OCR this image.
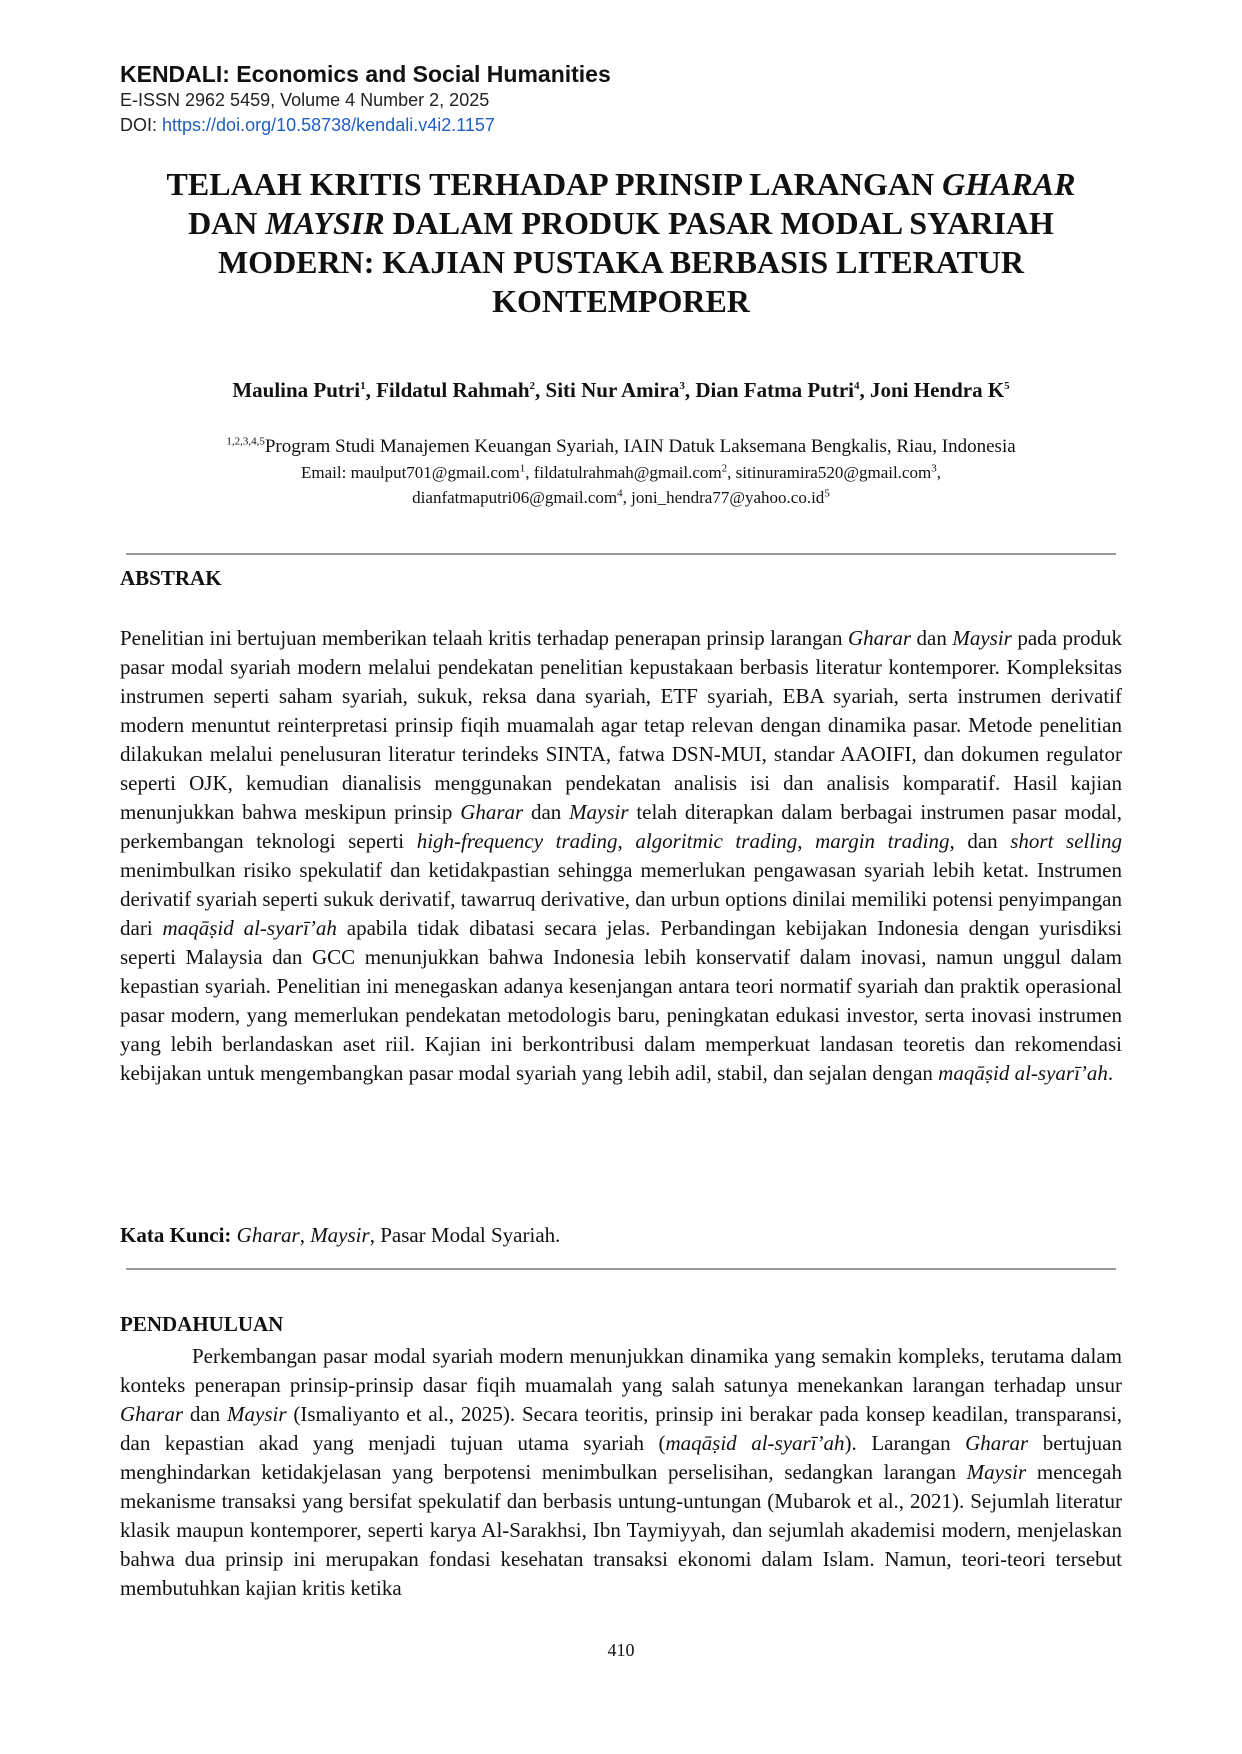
KENDALI: Economics and Social Humanities
E-ISSN 2962 5459, Volume 4 Number 2, 2025
DOI: https://doi.org/10.58738/kendali.v4i2.1157
TELAAH KRITIS TERHADAP PRINSIP LARANGAN GHARAR
DAN MAYSIR DALAM PRODUK PASAR MODAL SYARIAH MODERN: KAJIAN PUSTAKA BERBASIS LITERATUR KONTEMPORER
Maulina Putri$^1$, Fildatul Rahmah$^2$, Siti Nur Amira$^3$, Dian Fatma Putri$^4$, Joni Hendra $K^5$
$^{1,2,3,4,5}$Program Studi Manajemen Keuangan Syariah, IAIN Datuk Laksemana Bengkalis, Riau, Indonesia
Email: maulput701@gmail.com$^1$, fildatulrahmah@gmail.com$^2$, sitinuramira520@gmail.com$^3$,
dianfatmaputri06@gmail.com$^4$, $joni\_hendra77@yahoo.co.id^5$
ABSTRAK
Penelitian ini bertujuan memberikan telaah kritis terhadap penerapan prinsip larangan Gharar dan Maysir pada produk pasar modal syariah modern melalui pendekatan penelitian kepustakaan berbasis literatur kontemporer. Kompleksitas instrumen seperti saham syariah, sukuk, reksa dana syariah, ETF syariah, EBA syariah, serta instrumen derivatif modern menuntut reinterpretasi prinsip fiqih muamalah agar tetap relevan dengan dinamika pasar. Metode penelitian dilakukan melalui penelusuran literatur terindeks SINTA, fatwa DSN-MUI, standar AAOIFI, dan dokumen regulator seperti OJK, kemudian dianalisis menggunakan pendekatan analisis isi dan analisis komparatif. Hasil kajian menunjukkan bahwa meskipun prinsip Gharar dan Maysir telah diterapkan dalam berbagai instrumen pasar modal, perkembangan teknologi seperti high-frequency trading, algoritmic trading, margin trading, dan short selling menimbulkan risiko spekulatif dan ketidakpastian sehingga memerlukan pengawasan syariah lebih ketat. Instrumen derivatif syariah seperti sukuk derivatif, tawarruq derivative, dan urbun options dinilai memiliki potensi penyimpangan dari maqāṣid al-syarī’ah apabila tidak dibatasi secara jelas. Perbandingan kebijakan Indonesia dengan yurisdiksi seperti Malaysia dan GCC menunjukkan bahwa Indonesia lebih konservatif dalam inovasi, namun unggul dalam kepastian syariah. Penelitian ini menegaskan adanya kesenjangan antara teori normatif syariah dan praktik operasional pasar modern, yang memerlukan pendekatan metodologis baru, peningkatan edukasi investor, serta inovasi instrumen yang lebih berlandaskan aset riil. Kajian ini berkontribusi dalam memperkuat landasan teoretis dan rekomendasi kebijakan untuk mengembangkan pasar modal syariah yang lebih adil, stabil, dan sejalan dengan maqāṣid al-syarī’ah.
Kata Kunci: Gharar, Maysir, Pasar Modal Syariah.
PENDAHULUAN
Perkembangan pasar modal syariah modern menunjukkan dinamika yang semakin kompleks, terutama dalam konteks penerapan prinsip-prinsip dasar fiqih muamalah yang salah satunya menekankan larangan terhadap unsur Gharar dan Maysir (Ismaliyanto et al., 2025). Secara teoritis, prinsip ini berakar pada konsep keadilan, transparansi, dan kepastian akad yang menjadi tujuan utama syariah (maqāṣid al-syarī’ah). Larangan Gharar bertujuan menghindarkan ketidakjelasan yang berpotensi menimbulkan perselisihan, sedangkan larangan Maysir mencegah mekanisme transaksi yang bersifat spekulatif dan berbasis untung-untungan (Mubarok et al., 2021). Sejumlah literatur klasik maupun kontemporer, seperti karya Al-Sarakhsi, Ibn Taymiyyah, dan sejumlah akademisi modern, menjelaskan bahwa dua prinsip ini merupakan fondasi kesehatan transaksi ekonomi dalam Islam. Namun, teori-teori tersebut membutuhkan kajian kritis ketika
410
